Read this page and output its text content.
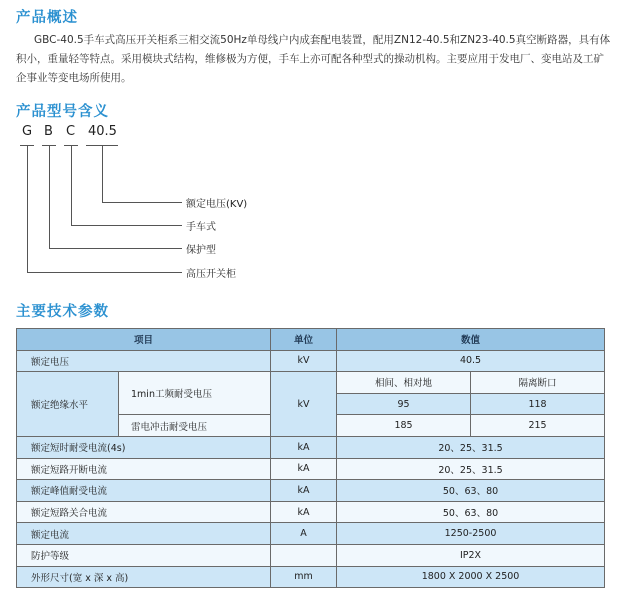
产品概述
GBC-40.5手车式高压开关柜系三相交流50Hz单母线户内成套配电装置，配用ZN12-40.5和ZN23-40.5真空断路器，具有体积小，重量轻等特点。采用模块式结构，维修极为方便，手车上亦可配各种型式的操动机构。主要应用于发电厂、变电站及工矿企事业等变电场所使用。
产品型号含义
G B C 40.5
额定电压(KV)
手车式
保护型
高压开关柜
主要技术参数
项目		单位	数值	
额定电压		kV	40.5	
额定绝缘水平	1min工频耐受电压	kV	相间、相对地	隔离断口
			95	118
	雷电冲击耐受电压		185	215
额定短时耐受电流(4s)		kA	20、25、31.5	
额定短路开断电流		kA	20、25、31.5	
额定峰值耐受电流		kA	50、63、80	
额定短路关合电流		kA	50、63、80	
额定电流		A	1250-2500	
防护等级			IP2X	
外形尺寸(宽 x 深 x 高)		mm	1800 X 2000 X 2500	
